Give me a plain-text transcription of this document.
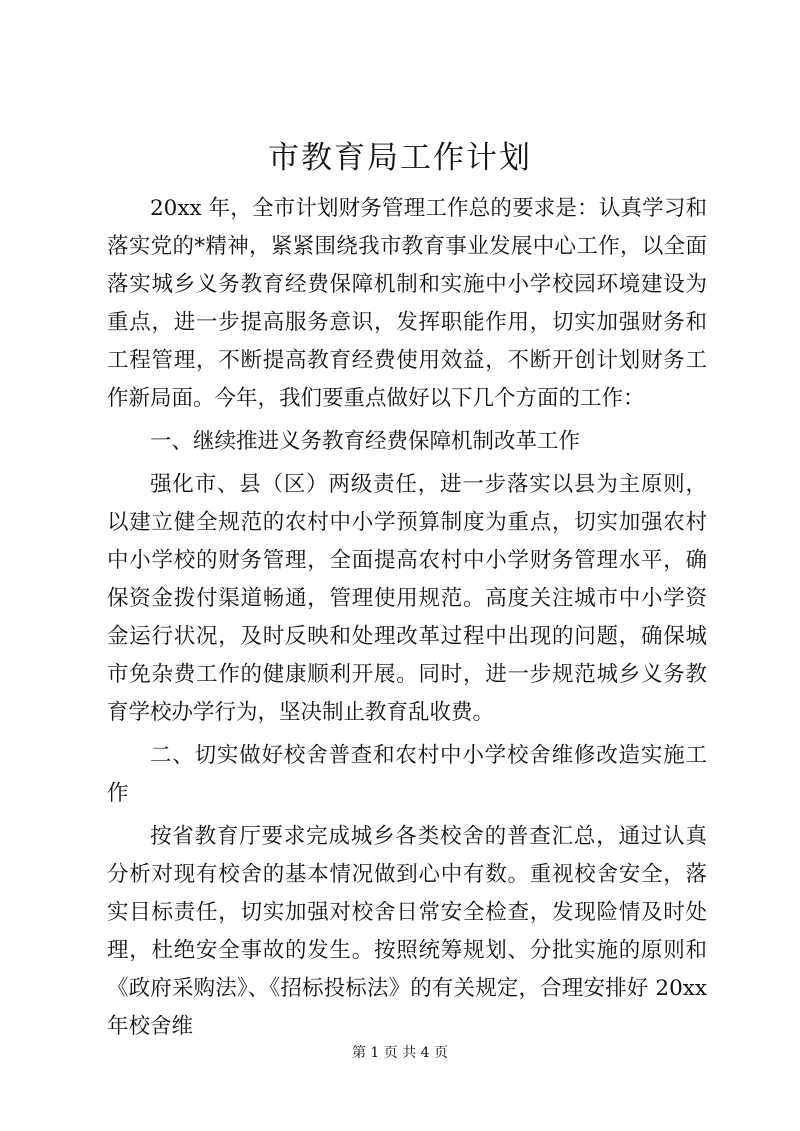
市教育局工作计划

20xx 年，全市计划财务管理工作总的要求是：认真学习和落实党的*精神，紧紧围绕我市教育事业发展中心工作，以全面落实城乡义务教育经费保障机制和实施中小学校园环境建设为重点，进一步提高服务意识，发挥职能作用，切实加强财务和工程管理，不断提高教育经费使用效益，不断开创计划财务工作新局面。今年，我们要重点做好以下几个方面的工作：

一、继续推进义务教育经费保障机制改革工作

强化市、县（区）两级责任，进一步落实以县为主原则，以建立健全规范的农村中小学预算制度为重点，切实加强农村中小学校的财务管理，全面提高农村中小学财务管理水平，确保资金拨付渠道畅通，管理使用规范。高度关注城市中小学资金运行状况，及时反映和处理改革过程中出现的问题，确保城市免杂费工作的健康顺利开展。同时，进一步规范城乡义务教育学校办学行为，坚决制止教育乱收费。

二、切实做好校舍普查和农村中小学校舍维修改造实施工作

按省教育厅要求完成城乡各类校舍的普查汇总，通过认真分析对现有校舍的基本情况做到心中有数。重视校舍安全，落实目标责任，切实加强对校舍日常安全检查，发现险情及时处理，杜绝安全事故的发生。按照统筹规划、分批实施的原则和《政府采购法》、《招标投标法》的有关规定，合理安排好 20xx 年校舍维

第 1 页 共 4 页
